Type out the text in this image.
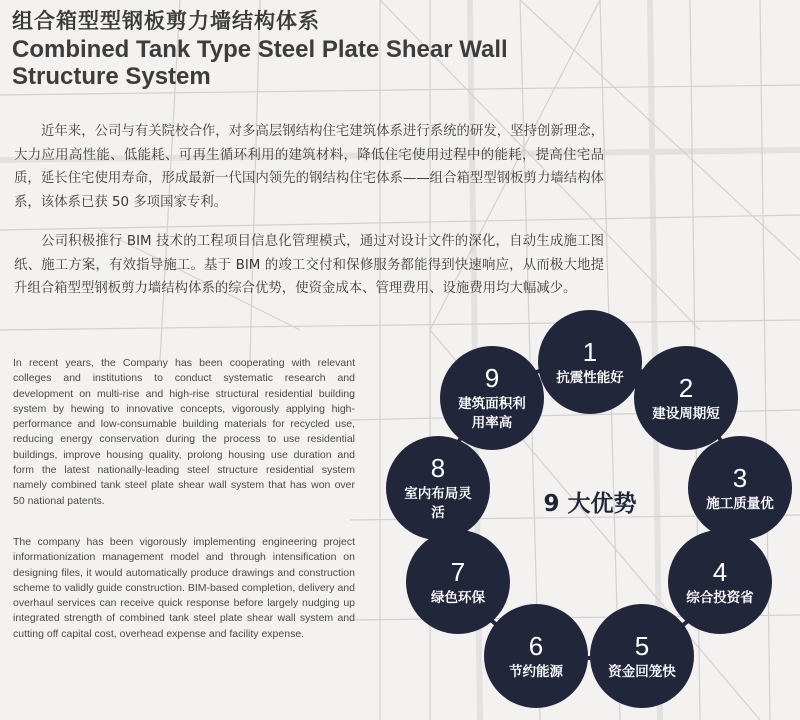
组合箱型型钢板剪力墙结构体系
Combined Tank Type Steel Plate Shear Wall Structure System

近年来，公司与有关院校合作，对多高层钢结构住宅建筑体系进行系统的研发，坚持创新理念，大力应用高性能、低能耗、可再生循环利用的建筑材料，降低住宅使用过程中的能耗，提高住宅品质，延长住宅使用寿命，形成最新一代国内领先的钢结构住宅体系——组合箱型型钢板剪力墙结构体系，该体系已获 50 多项国家专利。

公司积极推行 BIM 技术的工程项目信息化管理模式，通过对设计文件的深化，自动生成施工图纸、施工方案，有效指导施工。基于 BIM 的竣工交付和保修服务都能得到快速响应，从而极大地提升组合箱型型钢板剪力墙结构体系的综合优势，使资金成本、管理费用、设施费用均大幅减少。

In recent years, the Company has been cooperating with relevant colleges and institutions to conduct systematic research and development on multi-rise and high-rise structural residential building system by hewing to innovative concepts, vigorously applying high-performance and low-consumable building materials for recycled use, reducing energy conservation during the process to use residential buildings, improve housing quality, prolong housing use duration and form the latest nationally-leading steel structure residential system namely combined tank steel plate shear wall system that has won over 50 national patents.

The company has been vigorously implementing engineering project informationization management model and through intensification on designing files, it would automatically produce drawings and construction scheme to validly guide construction. BIM-based completion, delivery and overhaul services can receive quick response before largely nudging up integrated strength of combined tank steel plate shear wall system and cutting off capital cost, overhead expense and facility expense.

9 大优势
1
抗震性能好 2
建设周期短
3
施工质量优
4
综合投资省
5
资金回笼快
6
节约能源
7
绿色环保
8
室内布局灵活
9
建筑面积利用率高
